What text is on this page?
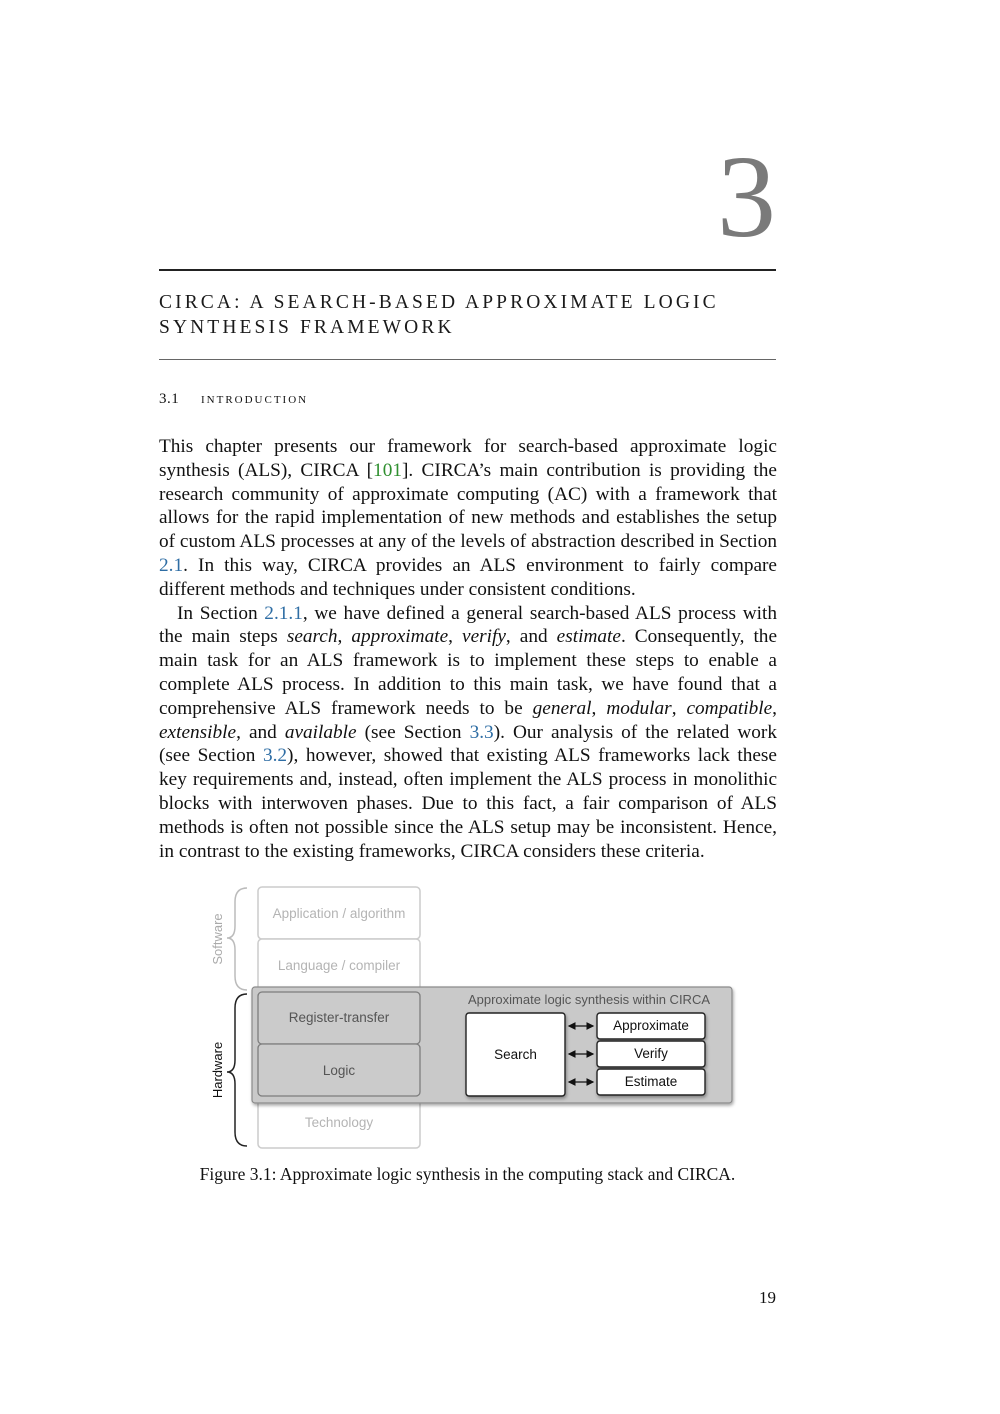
3
CIRCA: A SEARCH-BASED APPROXIMATE LOGIC
SYNTHESIS FRAMEWORK
3.1 introduction

This chapter presents our framework for search-based approximate logic synthesis (ALS), CIRCA [101]. CIRCA’s main contribution is providing the research community of approximate computing (AC) with a framework that allows for the rapid implementation of new methods and establishes the setup of custom ALS processes at any of the levels of abstraction described in Section 2.1. In this way, CIRCA provides an ALS environment to fairly compare different methods and techniques under consistent conditions.

In Section 2.1.1, we have defined a general search-based ALS process with the main steps search, approximate, verify, and estimate. Consequently, the main task for an ALS framework is to implement these steps to enable a complete ALS process. In addition to this main task, we have found that a comprehensive ALS framework needs to be general, modular, compatible, extensible, and available (see Section 3.3). Our analysis of the related work (see Section 3.2), however, showed that existing ALS frameworks lack these key requirements and, instead, often implement the ALS process in monolithic blocks with interwoven phases. Due to this fact, a fair comparison of ALS methods is often not possible since the ALS setup may be inconsistent. Hence, in contrast to the existing frameworks, CIRCA considers these criteria.

Software
Hardware
Application / algorithm
Language / compiler
Register-transfer
Logic
Technology
Approximate logic synthesis within CIRCA
Search
Approximate
Verify
Estimate
Figure 3.1: Approximate logic synthesis in the computing stack and CIRCA.
19
